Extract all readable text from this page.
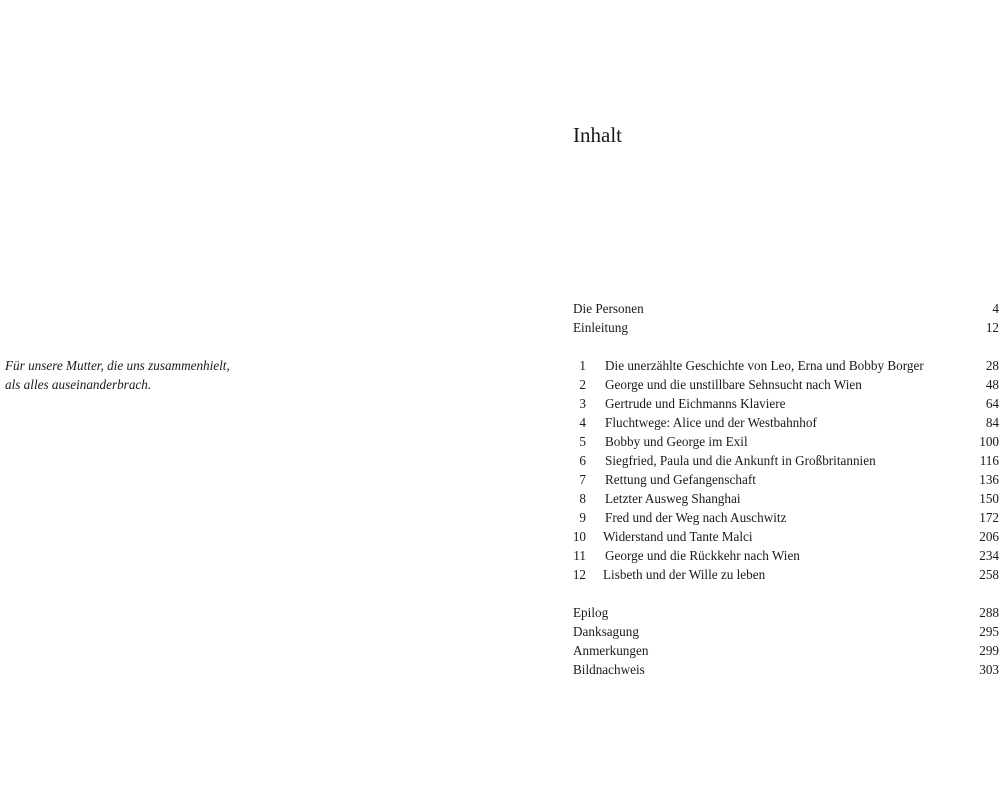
Für unsere Mutter, die uns zusammenhielt,
als alles auseinanderbrach.
Inhalt
Die Personen	4
Einleitung	12
1 Die unerzählte Geschichte von Leo, Erna und Bobby Borger	28
2 George und die unstillbare Sehnsucht nach Wien	48
3 Gertrude und Eichmanns Klaviere	64
4 Fluchtwege: Alice und der Westbahnhof	84
5 Bobby und George im Exil	100
6 Siegfried, Paula und die Ankunft in Großbritannien	116
7 Rettung und Gefangenschaft	136
8 Letzter Ausweg Shanghai	150
9 Fred und der Weg nach Auschwitz	172
10 Widerstand und Tante Malci	206
11 George und die Rückkehr nach Wien	234
12 Lisbeth und der Wille zu leben	258
Epilog	288
Danksagung	295
Anmerkungen	299
Bildnachweis	303
